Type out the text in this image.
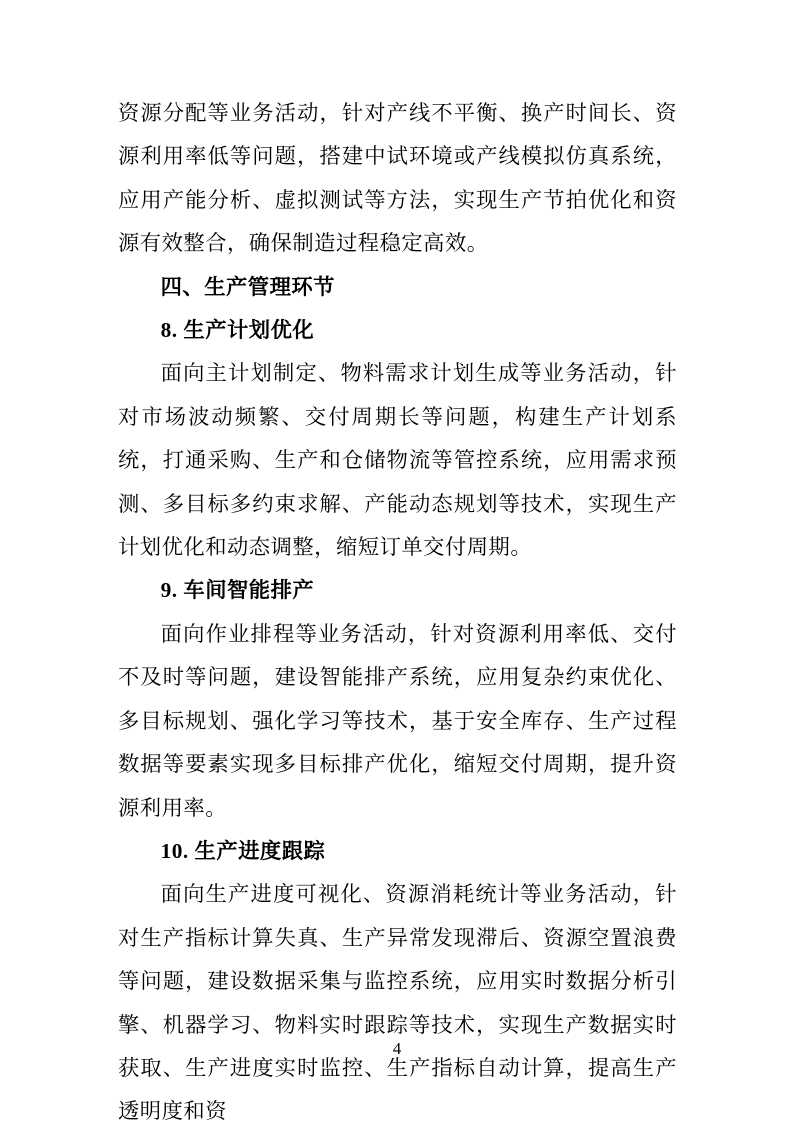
资源分配等业务活动，针对产线不平衡、换产时间长、资源利用率低等问题，搭建中试环境或产线模拟仿真系统，应用产能分析、虚拟测试等方法，实现生产节拍优化和资源有效整合，确保制造过程稳定高效。

四、生产管理环节
8. 生产计划优化

面向主计划制定、物料需求计划生成等业务活动，针对市场波动频繁、交付周期长等问题，构建生产计划系统，打通采购、生产和仓储物流等管控系统，应用需求预测、多目标多约束求解、产能动态规划等技术，实现生产计划优化和动态调整，缩短订单交付周期。

9. 车间智能排产

面向作业排程等业务活动，针对资源利用率低、交付不及时等问题，建设智能排产系统，应用复杂约束优化、多目标规划、强化学习等技术，基于安全库存、生产过程数据等要素实现多目标排产优化，缩短交付周期，提升资源利用率。

10. 生产进度跟踪

面向生产进度可视化、资源消耗统计等业务活动，针对生产指标计算失真、生产异常发现滞后、资源空置浪费等问题，建设数据采集与监控系统，应用实时数据分析引擎、机器学习、物料实时跟踪等技术，实现生产数据实时获取、生产进度实时监控、生产指标自动计算，提高生产透明度和资

4
